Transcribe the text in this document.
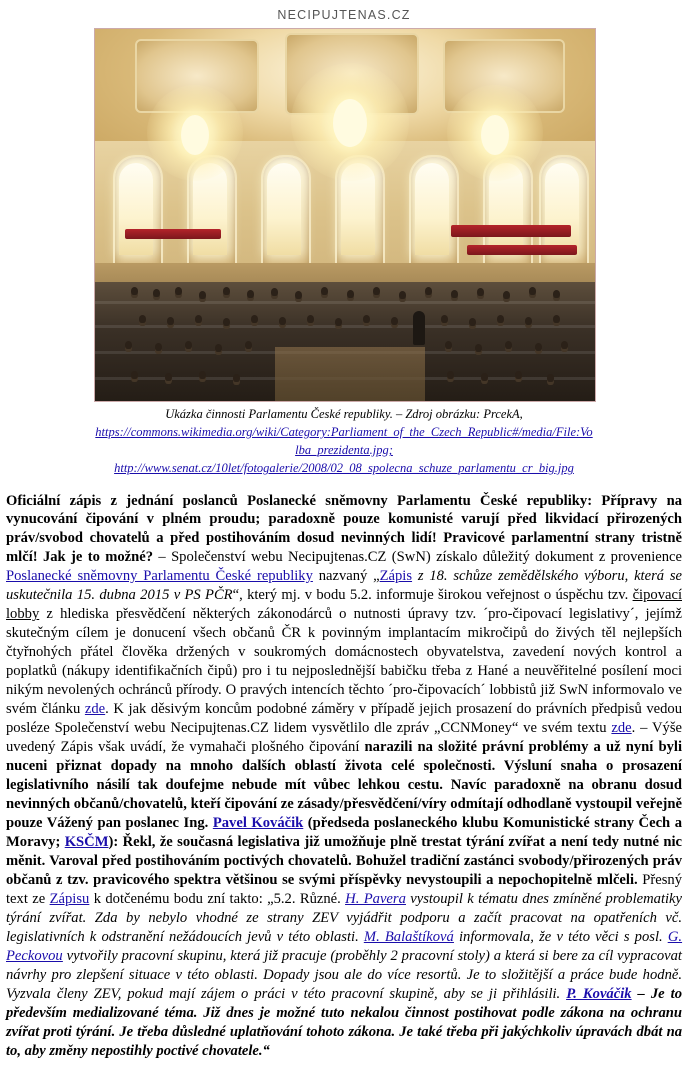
NECIPUJTENAS.CZ
Ukázka činnosti Parlamentu České republiky. – Zdroj obrázku: PrcekA,
https://commons.wikimedia.org/wiki/Category:Parliament_of_the_Czech_Republic#/media/File:Volba_prezidenta.jpg;
http://www.senat.cz/10let/fotogalerie/2008/02_08_spolecna_schuze_parlamentu_cr_big.jpg

Oficiální zápis z jednání poslanců Poslanecké sněmovny Parlamentu České republiky: Přípravy na vynucování čipování v plném proudu; paradoxně pouze komunisté varují před likvidací přirozených práv/svobod chovatelů a před postihováním dosud nevinných lidí! Pravicové parlamentní strany tristně mlčí! Jak je to možné? – Společenství webu Necipujtenas.CZ (SwN) získalo důležitý dokument z provenience Poslanecké sněmovny Parlamentu České republiky nazvaný „Zápis z 18. schůze zemědělského výboru, která se uskutečnila 15. dubna 2015 v PS PČR“, který mj. v bodu 5.2. informuje širokou veřejnost o úspěchu tzv. čipovací lobby z hlediska přesvědčení některých zákonodárců o nutnosti úpravy tzv. ´pro-čipovací legislativy´, jejímž skutečným cílem je donucení všech občanů ČR k povinným implantacím mikročipů do živých těl nejlepších čtyřnohých přátel člověka držených v soukromých domácnostech obyvatelstva, zavedení nových kontrol a poplatků (nákupy identifikačních čipů) pro i tu nejposlednější babičku třeba z Hané a neuvěřitelné posílení moci nikým nevolených ochránců přírody. O pravých intencích těchto ´pro-čipovacích´ lobbistů již SwN informovalo ve svém článku zde. K jak děsivým koncům podobné záměry v případě jejich prosazení do právních předpisů vedou posléze Společenství webu Necipujtenas.CZ lidem vysvětlilo dle zpráv „CCNMoney“ ve svém textu zde. – Výše uvedený Zápis však uvádí, že vymahači plošného čipování narazili na složité právní problémy a už nyní byli nuceni přiznat dopady na mnoho dalších oblastí života celé společnosti. Výsluní snaha o prosazení legislativního násilí tak doufejme nebude mít vůbec lehkou cestu. Navíc paradoxně na obranu dosud nevinných občanů/chovatelů, kteří čipování ze zásady/přesvědčení/víry odmítají odhodlaně vystoupil veřejně pouze Vážený pan poslanec Ing. Pavel Kováčik (předseda poslaneckého klubu Komunistické strany Čech a Moravy; KSČM): Řekl, že současná legislativa již umožňuje plně trestat týrání zvířat a není tedy nutné nic měnit. Varoval před postihováním poctivých chovatelů. Bohužel tradiční zastánci svobody/přirozených práv občanů z tzv. pravicového spektra většinou se svými příspěvky nevystoupili a nepochopitelně mlčeli. Přesný text ze Zápisu k dotčenému bodu zní takto: „5.2. Různé. H. Pavera vystoupil k tématu dnes zmíněné problematiky týrání zvířat. Zda by nebylo vhodné ze strany ZEV vyjádřit podporu a začít pracovat na opatřeních vč. legislativních k odstranění nežádoucích jevů v této oblasti. M. Balaštíková informovala, že v této věci s posl. G. Peckovou vytvořily pracovní skupinu, která již pracuje (proběhly 2 pracovní stoly) a která si bere za cíl vypracovat návrhy pro zlepšení situace v této oblasti. Dopady jsou ale do více resortů. Je to složitější a práce bude hodně. Vyzvala členy ZEV, pokud mají zájem o práci v této pracovní skupině, aby se ji přihlásili. P. Kováčik – Je to především medializované téma. Již dnes je možné tuto nekalou činnost postihovat podle zákona na ochranu zvířat proti týrání. Je třeba důsledné uplatňování tohoto zákona. Je také třeba při jakýchkoliv úpravách dbát na to, aby změny nepostihly poctivé chovatele.“
